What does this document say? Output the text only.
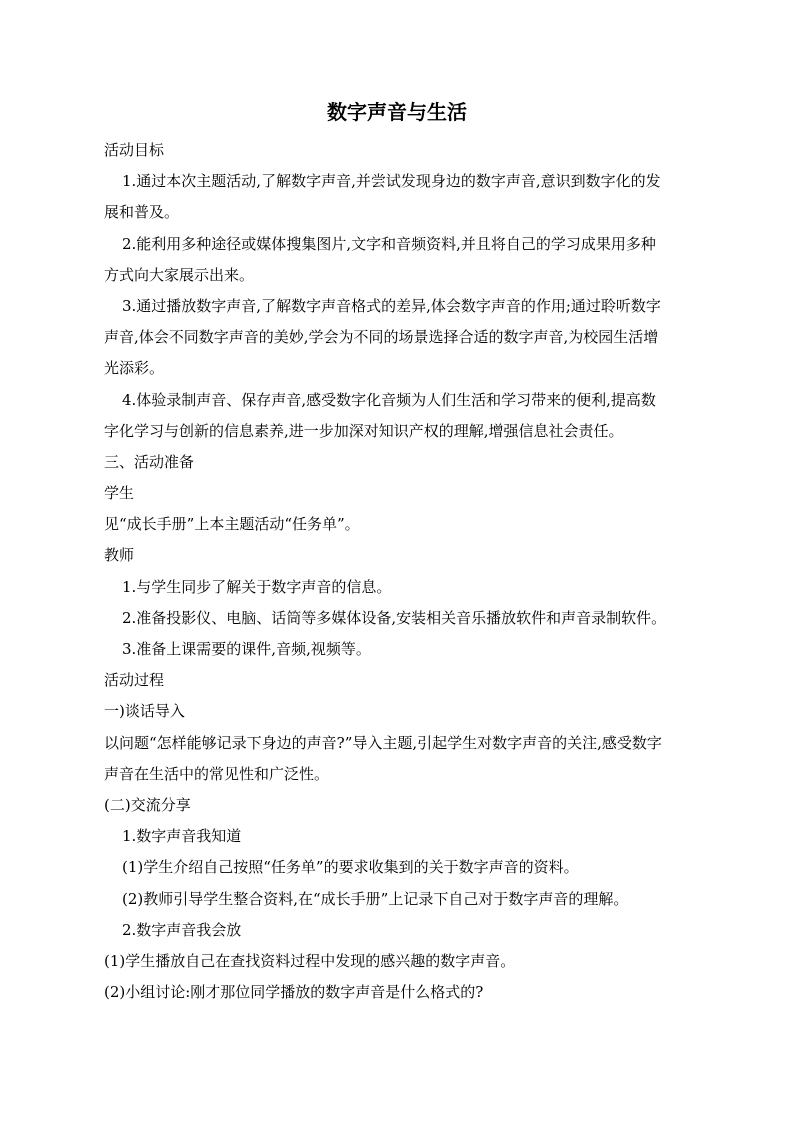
数字声音与生活
活动目标
1.通过本次主题活动,了解数字声音,并尝试发现身边的数字声音,意识到数字化的发
展和普及。
2.能利用多种途径或媒体搜集图片,文字和音频资料,并且将自己的学习成果用多种
方式向大家展示出来。
3.通过播放数字声音,了解数字声音格式的差异,体会数字声音的作用;通过聆听数字
声音,体会不同数字声音的美妙,学会为不同的场景选择合适的数字声音,为校园生活增
光添彩。
4.体验录制声音、保存声音,感受数字化音频为人们生活和学习带来的便利,提高数
字化学习与创新的信息素养,进一步加深对知识产权的理解,增强信息社会责任。
三、活动准备
学生
见“成长手册”上本主题活动“任务单”。
教师
1.与学生同步了解关于数字声音的信息。
2.准备投影仪、电脑、话筒等多媒体设备,安装相关音乐播放软件和声音录制软件。
3.准备上课需要的课件,音频,视频等。
活动过程
一)谈话导入
以问题“怎样能够记录下身边的声音?”导入主题,引起学生对数字声音的关注,感受数字
声音在生活中的常见性和广泛性。
(二)交流分享
1.数字声音我知道
(1)学生介绍自己按照“任务单”的要求收集到的关于数字声音的资料。
(2)教师引导学生整合资料,在“成长手册”上记录下自己对于数字声音的理解。
2.数字声音我会放
(1)学生播放自己在查找资料过程中发现的感兴趣的数字声音。
(2)小组讨论:刚才那位同学播放的数字声音是什么格式的?
